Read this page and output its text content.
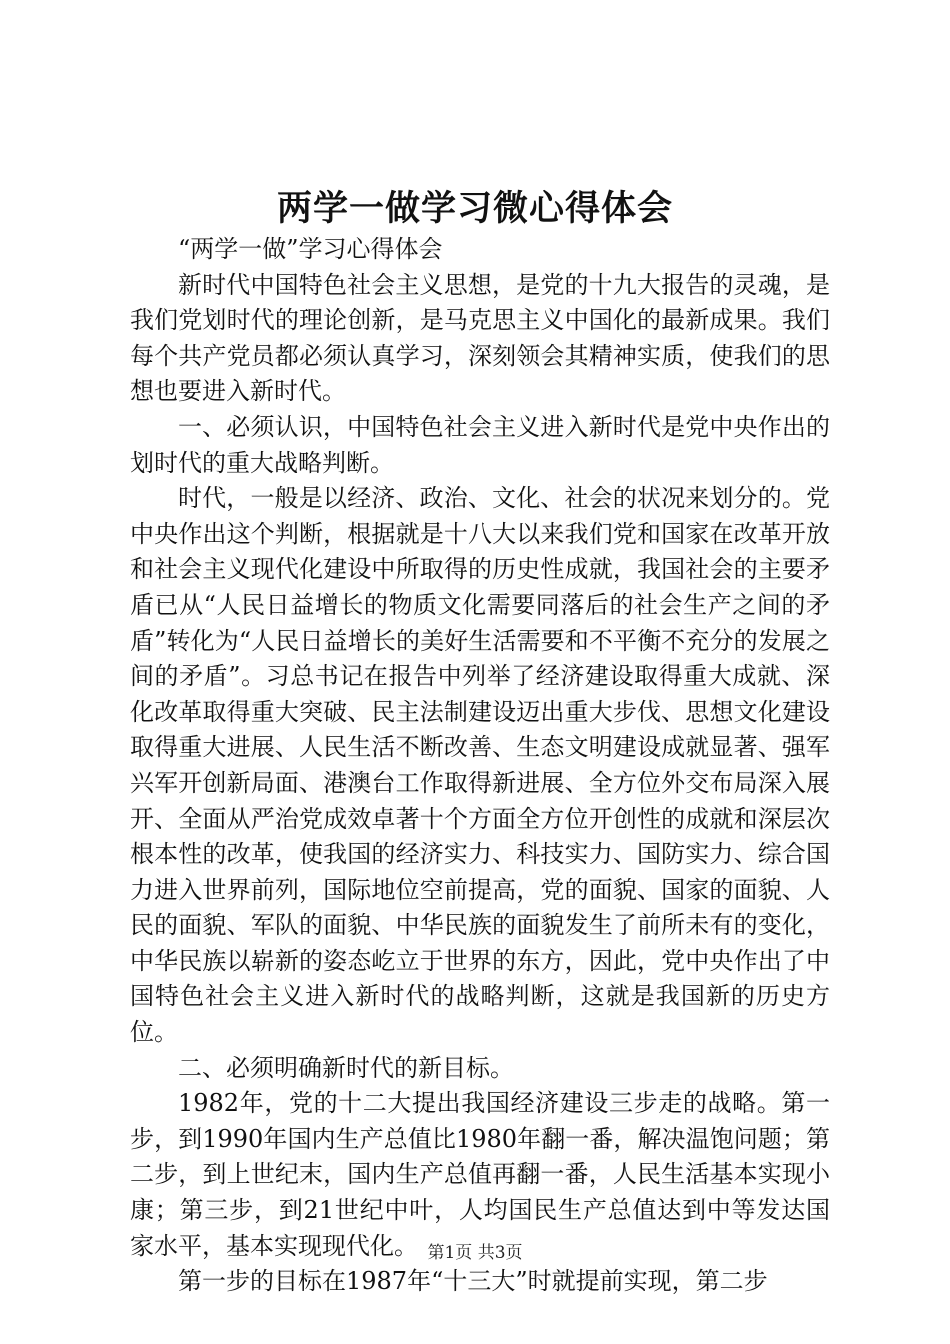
两学一做学习微心得体会

“两学一做”学习心得体会

新时代中国特色社会主义思想，是党的十九大报告的灵魂，是我们党划时代的理论创新，是马克思主义中国化的最新成果。我们每个共产党员都必须认真学习，深刻领会其精神实质，使我们的思想也要进入新时代。

一、必须认识，中国特色社会主义进入新时代是党中央作出的划时代的重大战略判断。

时代，一般是以经济、政治、文化、社会的状况来划分的。党中央作出这个判断，根据就是十八大以来我们党和国家在改革开放和社会主义现代化建设中所取得的历史性成就，我国社会的主要矛盾已从“人民日益增长的物质文化需要同落后的社会生产之间的矛盾”转化为“人民日益增长的美好生活需要和不平衡不充分的发展之间的矛盾”。习总书记在报告中列举了经济建设取得重大成就、深化改革取得重大突破、民主法制建设迈出重大步伐、思想文化建设取得重大进展、人民生活不断改善、生态文明建设成就显著、强军兴军开创新局面、港澳台工作取得新进展、全方位外交布局深入展开、全面从严治党成效卓著十个方面全方位开创性的成就和深层次根本性的改革，使我国的经济实力、科技实力、国防实力、综合国力进入世界前列，国际地位空前提高，党的面貌、国家的面貌、人民的面貌、军队的面貌、中华民族的面貌发生了前所未有的变化，中华民族以崭新的姿态屹立于世界的东方，因此，党中央作出了中国特色社会主义进入新时代的战略判断，这就是我国新的历史方位。

二、必须明确新时代的新目标。

1982年，党的十二大提出我国经济建设三步走的战略。第一步，到1990年国内生产总值比1980年翻一番，解决温饱问题；第二步，到上世纪末，国内生产总值再翻一番，人民生活基本实现小康；第三步，到21世纪中叶，人均国民生产总值达到中等发达国家水平，基本实现现代化。

第一步的目标在1987年“十三大”时就提前实现，第二步

第1页 共3页
